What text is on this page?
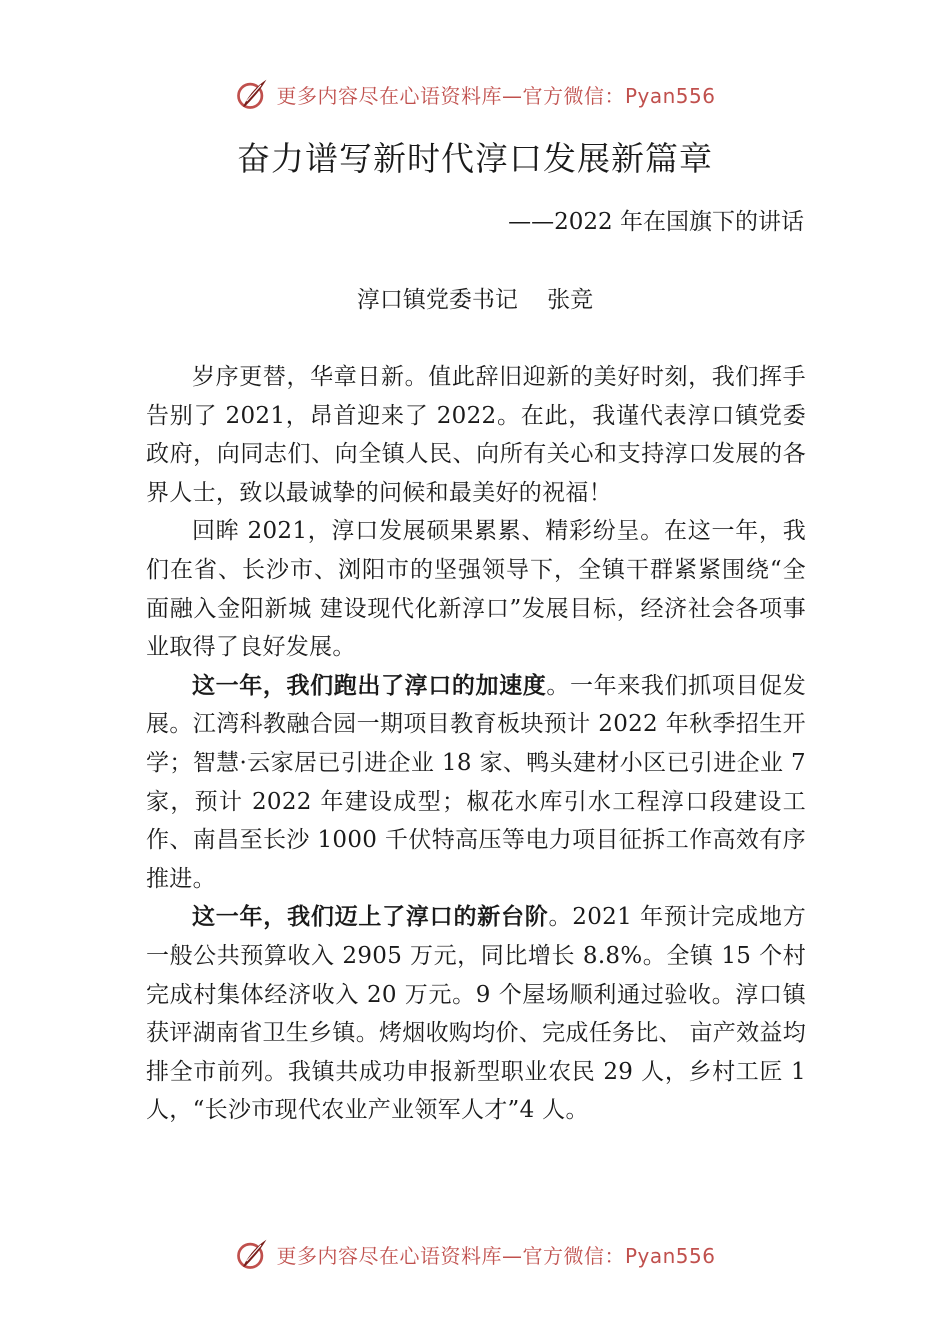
更多内容尽在心语资料库—官方微信：Pyan556
奋力谱写新时代淳口发展新篇章
——2022 年在国旗下的讲话
淳口镇党委书记    张竞

岁序更替，华章日新。值此辞旧迎新的美好时刻，我们挥手告别了 2021，昂首迎来了 2022。在此，我谨代表淳口镇党委政府，向同志们、向全镇人民、向所有关心和支持淳口发展的各界人士，致以最诚挚的问候和最美好的祝福！

回眸 2021，淳口发展硕果累累、精彩纷呈。在这一年，我们在省、长沙市、浏阳市的坚强领导下，全镇干群紧紧围绕“全面融入金阳新城 建设现代化新淳口”发展目标，经济社会各项事业取得了良好发展。

这一年，我们跑出了淳口的加速度。一年来我们抓项目促发展。江湾科教融合园一期项目教育板块预计 2022 年秋季招生开学；智慧·云家居已引进企业 18 家、鸭头建材小区已引进企业 7 家，预计 2022 年建设成型；椒花水库引水工程淳口段建设工作、南昌至长沙 1000 千伏特高压等电力项目征拆工作高效有序推进。

这一年，我们迈上了淳口的新台阶。2021 年预计完成地方一般公共预算收入 2905 万元，同比增长 8.8%。全镇 15 个村完成村集体经济收入 20 万元。9 个屋场顺利通过验收。淳口镇获评湖南省卫生乡镇。烤烟收购均价、完成任务比、 亩产效益均排全市前列。我镇共成功申报新型职业农民 29 人，乡村工匠 1 人，“长沙市现代农业产业领军人才”4 人。

更多内容尽在心语资料库—官方微信：Pyan556
